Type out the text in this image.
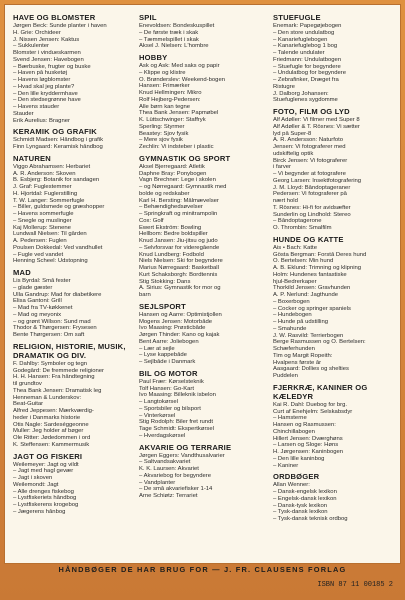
HAVE OG BLOMSTER
Jørgen Beck: Sunde planter i haven
H. Grie: Orchideer
J. Nissen Jensen: Kaktus
– Sukkulenter
Blomster i vindueskarmen
Svend Jensen: Havebogen
– Bærbuske, frugter og buske
– Haven på husketøj
– Havens løgblomster
– Hvad skal jeg plante?
– Den lille kryddermhave
– Den stedsegrønne have
– Havens stauder
Stauder
Erik Aurelius: Bragner
KERAMIK OG GRAFIK
Schmidt Madsen: Håndbog i grafik
Finn Lyngaard: Keramisk håndbog
NATUREN
Viggo Abrahamsen: Herbariet
A. R. Anderson: Skoven
B. Esbjerg: Botanik for sandagen
J. Graf: Fuglestemmer
H. Hjortdal: Fuglerstilling
T. W. Langer: Sommerfugle
– Biller, guldsmede og græshopper
– Havens sommerfugle
– Snegle og muslinger
Kaj Mollerup: Stenene
Lundwall Nielsen: Til gården
A. Pedersen: Fuglen
Poulsen Dokkedal: Ved vandhullet
– Fugle ved vandet
Henning Scheel: Udstopning
MAD
Lis Byrdal: Små fester
– glade gæster
Ulla Gandrup: Mad for diabetikere
Elisa Gantoni: Grill
– Mad fra TV-køkkenet
– Mad og meyonix
– og grønt Willson: Sund mad
Thodor & Thørgersen: Frysesen
Bente Thørgersen: Om saft
RELIGION, HISTORIE, MUSIK, DRAMATIK OG DIV.
F. Dahlby: Symboler og tegn
Godegård: De fremmede religioner
H. H. Hansen: Fra håndtegning
til grundtov
Thea Bank Jensen: Dramatisk leg
Henneman & Lunderskov:
Beat-Guitar
Alfred Jeppesen: Mærkværdig-
heder i Danmarks historie
Otis Nagle: Sardeséggeonne
Muller: Jeg holder af bøger
Ole Ritter: Jødedommen i ord
K. Steffensen: Kammermusik
JAGT OG FISKERI
Weilemeyer: Jagt og vildt
– Jagt med hagl gevær
– Jagt i skoven
Weilemondt: Jagt
– Alle drenges fiskebog
– Lystfiskeriets håndbog
– Lystfiskerens krogebog
– Jægerens hånbog
SPIL
Enevoldsen: Bondeskuspillet
– De første træk i skak
– Tæmmelspillet i skak
Aksel J. Nielsen: L'hombre
HOBBY
Ask og Ask: Med saks og papir
– Klippe og klistre
O. Brønderslev: Weekend-bogen
Hansen: Frimærker
Knud Hellmingen: Mikro
Rolf Hejberg-Pedersen:
Alle børn kan tegne
Thea Bank Jensen: Papmøbel
K. Lüttschwinger: Staffryk
Sperling: Styrmer
Beastey: Sjov fysik
– Mere sjov fysik
Zechlin: Vi indsteber i plastic
GYMNASTIK OG SPORT
Aksel Bjerregaard: Atletik
Daphne Bray: Ponybogen
Vagn Brechner: Lege i skolen
– og Nørregaard: Gymnastik med
bolde og redskaber
Karl H. Bersting: Målmævelser
– Behændighedsøvelser
– Springkraft og minitrampolin
Cox: Golf
Ewert Ekström: Bowling
Hellbom: Bedre boldspiller
Knud Jansen: Jiu-jitsu og judo
– Selvforsvar for videregående
Knud Lundberg: Fodbold
Niels Nielsen: Ski for begyndere
Marius Nørregaard: Basketball
Kurt Schaksborgh: Bordtennis
Stig Stokking: Dans
A. Sirius: Gymnastik for mor og
barn
SEJLSPORT
Hansen og Aarre: Optimistjollen
Mogens Jensen: Motorbåde
Ivo Maasing: Prøsticbåde
Jørgen Thinder: Kano og kajak
Bent Aarre: Joliebogen
– Lær at sejle
– Lyse kappebåde
– Sejlbåde i Danmark
BIL OG MOTOR
Paul Frær: Kørselsteknik
Tolf Hansen: Go-Kart
Ivo Maasing: Billeknik isbelon
– Langtokørsel
– Sportsbiler og bilsport
– Vinterkørsel
Stig Rodolph: Biler fret rundt
Tage Schmidt: Ekspertkørsel
– Hverdagskørsel
AKVARIE OG TERRARIE
Jørgen Eggers: Vandthusalvarier
– Saltvandsakvariet
K. K. Laursen: Akvariet
– Akvariebog for begyndere
– Vandplanter
– De små akvariefisker 1-14
Arne Schiøtz: Terrariet
STUEFUGLE
Enemark: Papegøjebogen
– Den store undulatbog
– Kanariefuglebogen
– Kanariefuglebog 1 bog
– Talende undulater
Friedmann: Undulatbogen
– Stuefugle for begyndere
– Undulatbog for begyndere
– Zebrafinker, Dræget fra
Ristugre
J. Dalborg Johansen:
Stuefuglenes sygdomme
FOTO, FILM OG LYD
Alf Adøller: Vi filmer med Super 8
Alf Adøller & T. Rösnes: Vi sætter
lyd på Super-8
A. R. Andersson: Naturfoto
Jensen: Vi fotograferer med
udskiftelig optik
Birck Jensen: Vi fotograferer
i farver
– Vi begynder at fotografere
Georg Larsen: Insektfotografering
J. M. Lloyd: Båndoptageraner
Pedersen: Vi fotograferer på
nært hold
T. Rösnes: Hi-fi for avidsæfter
Sunderlin og Lindhold: Stereo
– Båndoptagerone
O. Thrombin: Smalfilm
HUNDE OG KATTE
Ais • Bach: Katte
Gösta Bergman: Forstå Deres hund
O. Bertelsen: Min hund
A. B. Eklund: Trimning og klipning
Holm: Hundenes fantastiske
hjul-Bedrerkaper
Thorkild Jensen: Gravhunden
A. P. Nerlund: Jagthunde
– Boxerbogen
– Cocker og springer spaniels
– Hundebogen
– Hunde på udstilling
– Smahunde
J. W. Rasvild: Terrierbogen
Berge Rasmussen og O. Bertelsen:
Schæferhunden
Tim og Margit Ropeith:
Hvalpens første år
Aasgaard: Dollies og shelties
Puddelen
FJERKRÆ, KANINER OG KÆLEDYR
Kai R. Dahl: Duebog for brg.
Curt af Enehjelm: Selskabsdyr
– Hamsterne
Hansen og Rasmussen:
Chinchillabogen
Hillert Jensen: Dværghøns
– Larsen og Sloge: Høns
H. Jørgensen: Kaninbogen
– Den lille kaninbog
– Kaniner
ORDBØGER
Allan Wenner:
– Dansk-engelsk lexikon
– Engelsk-dansk lexikon
– Dansk-tysk lexikon
– Tysk-dansk lexikon
– Tysk-dansk teknisk ordbog
HÅNDBØGER DE HAR BRUG FOR — J. FR. CLAUSENS FORLAG
ISBN 87 11 00185 2
